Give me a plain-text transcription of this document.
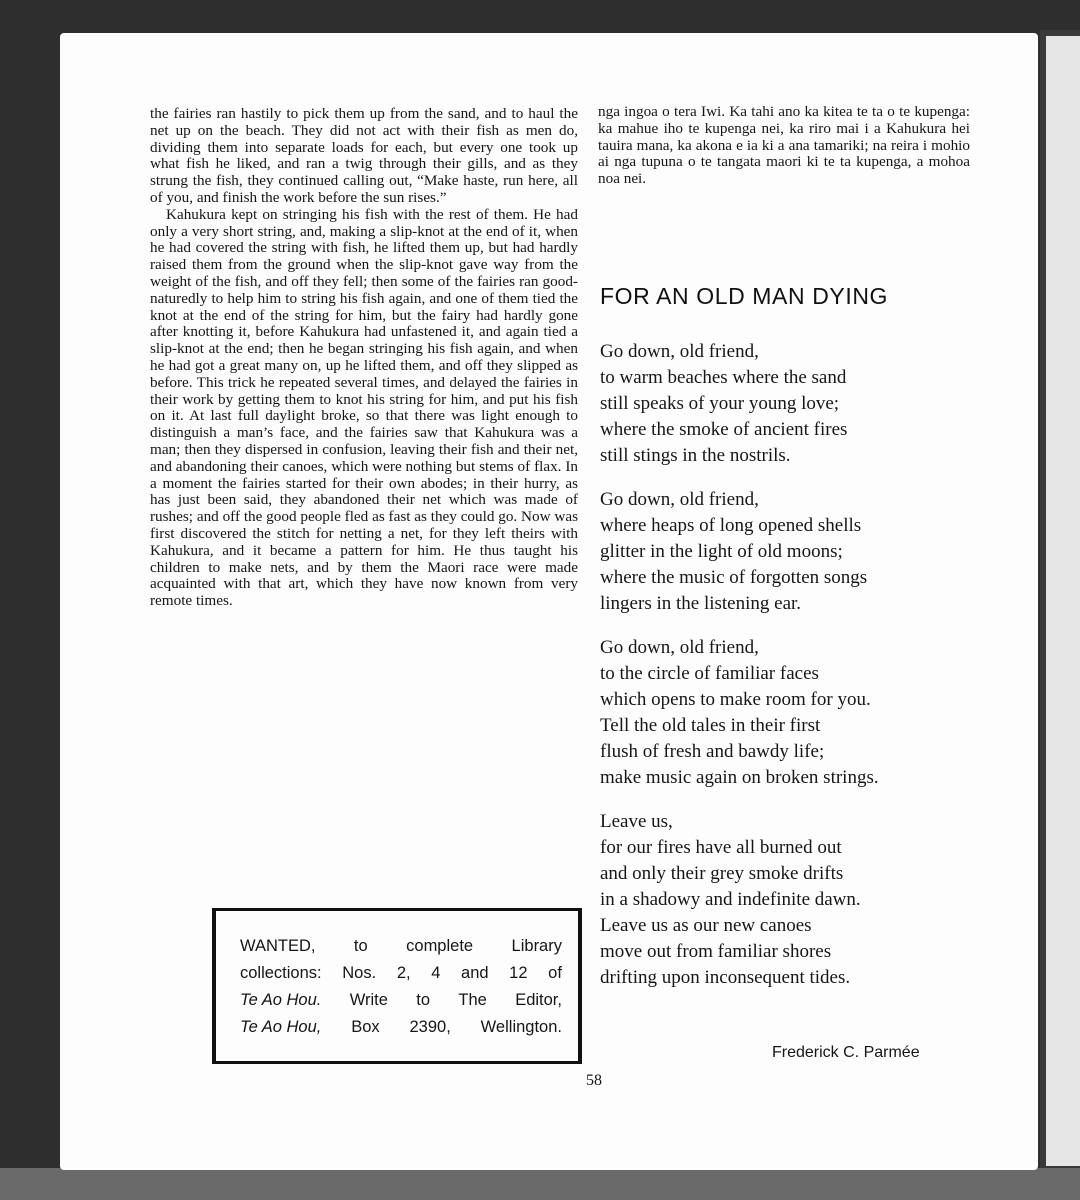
the fairies ran hastily to pick them up from the sand, and to haul the net up on the beach. They did not act with their fish as men do, dividing them into separate loads for each, but every one took up what fish he liked, and ran a twig through their gills, and as they strung the fish, they continued calling out, “Make haste, run here, all of you, and finish the work before the sun rises.”

Kahukura kept on stringing his fish with the rest of them. He had only a very short string, and, making a slip-knot at the end of it, when he had covered the string with fish, he lifted them up, but had hardly raised them from the ground when the slip-knot gave way from the weight of the fish, and off they fell; then some of the fairies ran good-naturedly to help him to string his fish again, and one of them tied the knot at the end of the string for him, but the fairy had hardly gone after knotting it, before Kahukura had unfastened it, and again tied a slip-knot at the end; then he began stringing his fish again, and when he had got a great many on, up he lifted them, and off they slipped as before. This trick he repeated several times, and delayed the fairies in their work by getting them to knot his string for him, and put his fish on it. At last full daylight broke, so that there was light enough to distinguish a man’s face, and the fairies saw that Kahukura was a man; then they dispersed in confusion, leaving their fish and their net, and abandoning their canoes, which were nothing but stems of flax. In a moment the fairies started for their own abodes; in their hurry, as has just been said, they abandoned their net which was made of rushes; and off the good people fled as fast as they could go. Now was first discovered the stitch for netting a net, for they left theirs with Kahukura, and it became a pattern for him. He thus taught his children to make nets, and by them the Maori race were made acquainted with that art, which they have now known from very remote times.

nga ingoa o tera Iwi. Ka tahi ano ka kitea te ta o te kupenga: ka mahue iho te kupenga nei, ka riro mai i a Kahukura hei tauira mana, ka akona e ia ki a ana tamariki; na reira i mohio ai nga tupuna o te tangata maori ki te ta kupenga, a mohoa noa nei.

FOR AN OLD MAN DYING
Go down, old friend,
to warm beaches where the sand
still speaks of your young love;
where the smoke of ancient fires
still stings in the nostrils.
Go down, old friend,
where heaps of long opened shells
glitter in the light of old moons;
where the music of forgotten songs
lingers in the listening ear.
Go down, old friend,
to the circle of familiar faces
which opens to make room for you.
Tell the old tales in their first
flush of fresh and bawdy life;
make music again on broken strings.
Leave us,
for our fires have all burned out
and only their grey smoke drifts
in a shadowy and indefinite dawn.
Leave us as our new canoes
move out from familiar shores
drifting upon inconsequent tides.
Frederick C. Parmée
WANTED, to complete Library
collections: Nos. 2, 4 and 12 of
Te Ao Hou. Write to The Editor,
Te Ao Hou, Box 2390, Wellington.
58
